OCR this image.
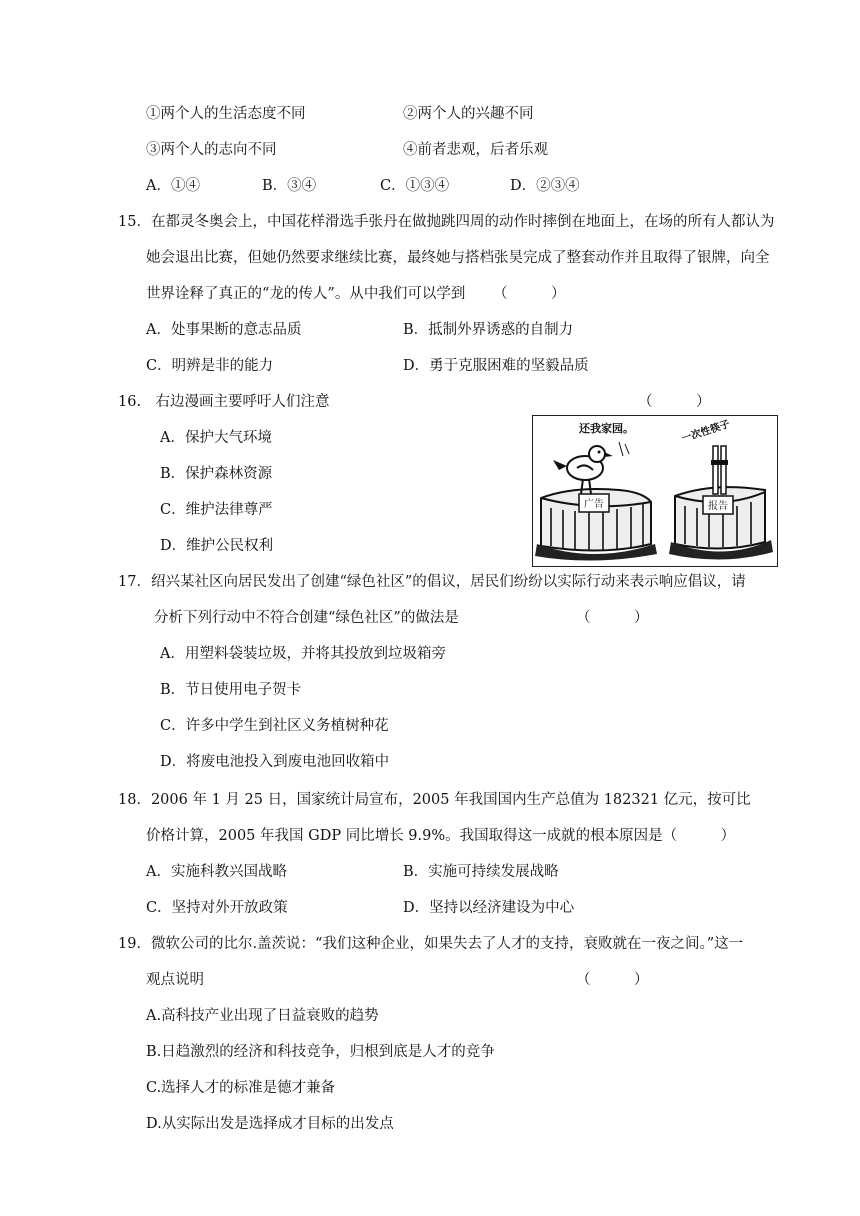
①两个人的生活态度不同	②两个人的兴趣不同
③两个人的志向不同	④前者悲观，后者乐观
A．①④	B．③④	C．①③④	D．②③④
15．在都灵冬奥会上，中国花样滑选手张丹在做抛跳四周的动作时摔倒在地面上，在场的所有人都认为
她会退出比赛，但她仍然要求继续比赛，最终她与搭档张昊完成了整套动作并且取得了银牌，向全
世界诠释了真正的“龙的传人”。从中我们可以学到 （　　　）
A．处事果断的意志品质	B．抵制外界诱惑的自制力
C．明辨是非的能力	D．勇于克服困难的坚毅品质
16.　右边漫画主要呼吁人们注意	（　　　）
A．保护大气环境
B．保护森林资源
C．维护法律尊严
D．维护公民权利
广告
还我家园。
报告
一次性筷子
17．绍兴某社区向居民发出了创建“绿色社区”的倡议，居民们纷纷以实际行动来表示响应倡议，请
分析下列行动中不符合创建“绿色社区”的做法是	（　　　）
A．用塑料袋装垃圾，并将其投放到垃圾箱旁
B．节日使用电子贺卡
C．许多中学生到社区义务植树种花
D．将废电池投入到废电池回收箱中
18．2006 年 1 月 25 日，国家统计局宣布，2005 年我国国内生产总值为 182321 亿元，按可比
价格计算，2005 年我国 GDP 同比增长 9.9%。我国取得这一成就的根本原因是（　　　）
A．实施科教兴国战略	B．实施可持续发展战略
C．坚持对外开放政策	D．坚持以经济建设为中心
19．微软公司的比尔.盖茨说：“我们这种企业，如果失去了人才的支持，衰败就在一夜之间。”这一
观点说明	（　　　）
A.高科技产业出现了日益衰败的趋势
B.日趋激烈的经济和科技竞争，归根到底是人才的竞争
C.选择人才的标准是德才兼备
D.从实际出发是选择成才目标的出发点
